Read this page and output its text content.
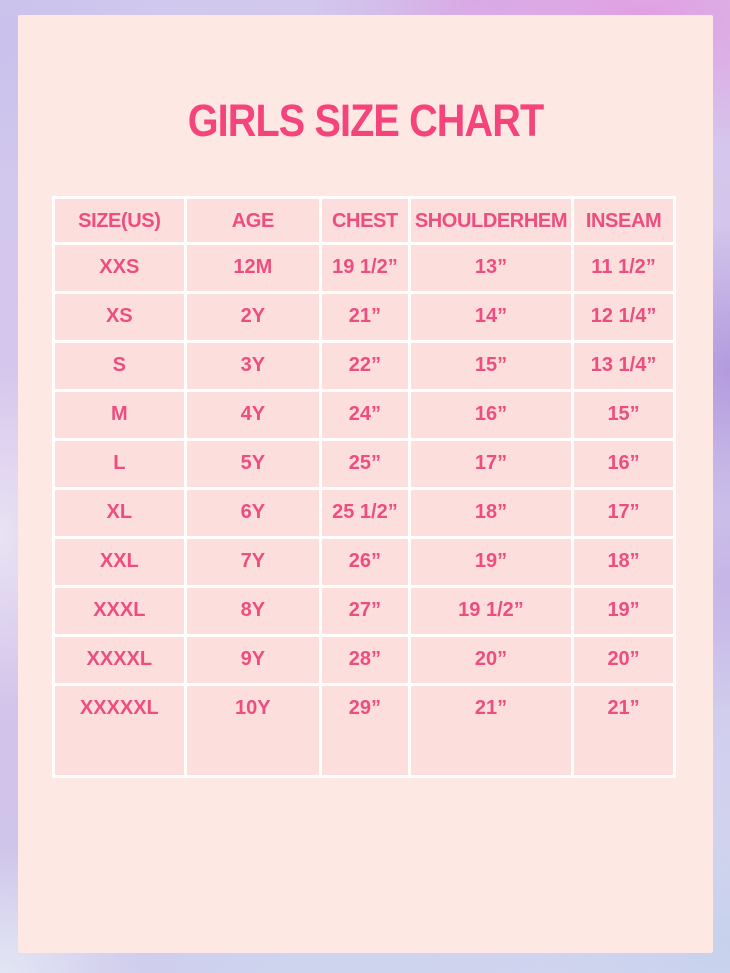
GIRLS SIZE CHART
SIZE(US)	AGE	CHEST	SHOULDERHEM	INSEAM
XXS	12M	19 1/2”	13”	11 1/2”
XS	2Y	21”	14”	12 1/4”
S	3Y	22”	15”	13 1/4”
M	4Y	24”	16”	15”
L	5Y	25”	17”	16”
XL	6Y	25 1/2”	18”	17”
XXL	7Y	26”	19”	18”
XXXL	8Y	27”	19 1/2”	19”
XXXXL	9Y	28”	20”	20”
XXXXXL	10Y	29”	21”	21”
